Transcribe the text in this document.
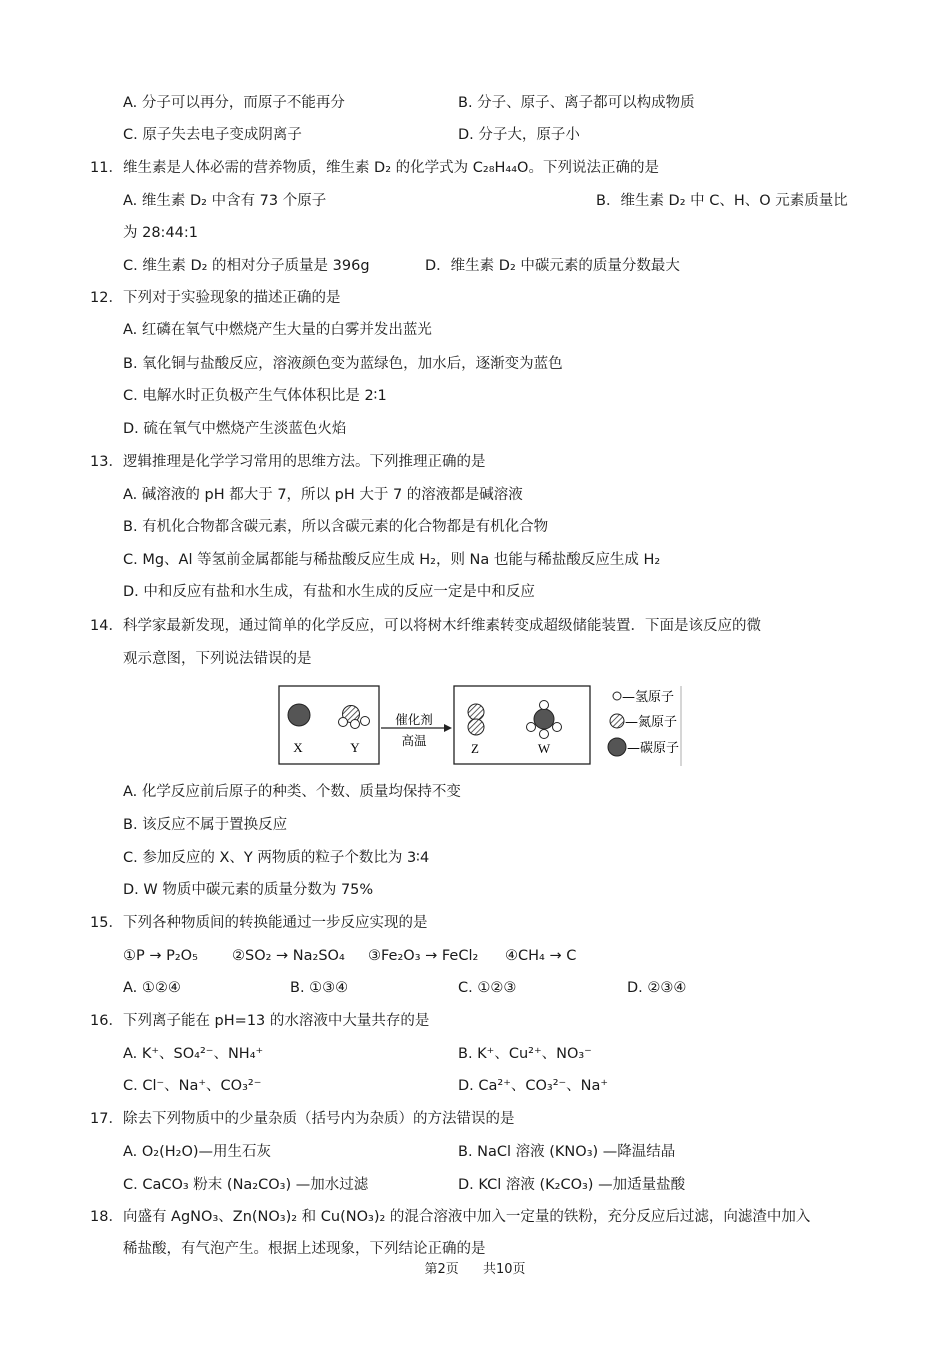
A. 分子可以再分，而原子不能再分	B. 分子、原子、离子都可以构成物质
C. 原子失去电子变成阴离子	D. 分子大，原子小
11．维生素是人体必需的营养物质，维生素 D₂ 的化学式为 C₂₈H₄₄O。下列说法正确的是
A. 维生素 D₂ 中含有 73 个原子	B．维生素 D₂ 中 C、H、O 元素质量比
为 28:44:1
C. 维生素 D₂ 的相对分子质量是 396g	D．维生素 D₂ 中碳元素的质量分数最大
12．下列对于实验现象的描述正确的是
A. 红磷在氧气中燃烧产生大量的白雾并发出蓝光
B. 氧化铜与盐酸反应，溶液颜色变为蓝绿色，加水后，逐渐变为蓝色
C. 电解水时正负极产生气体体积比是 2∶1
D. 硫在氧气中燃烧产生淡蓝色火焰
13．逻辑推理是化学学习常用的思维方法。下列推理正确的是
A. 碱溶液的 pH 都大于 7，所以 pH 大于 7 的溶液都是碱溶液
B. 有机化合物都含碳元素，所以含碳元素的化合物都是有机化合物
C. Mg、Al 等氢前金属都能与稀盐酸反应生成 H₂，则 Na 也能与稀盐酸反应生成 H₂
D. 中和反应有盐和水生成，有盐和水生成的反应一定是中和反应
14．科学家最新发现，通过简单的化学反应，可以将树木纤维素转变成超级储能装置．下面是该反应的微
观示意图，下列说法错误的是
X	Y
催化剂
高温
Z	W
—氢原子
—氮原子
—碳原子
A. 化学反应前后原子的种类、个数、质量均保持不变
B. 该反应不属于置换反应
C. 参加反应的 X、Y 两物质的粒子个数比为 3∶4
D. W 物质中碳元素的质量分数为 75%
15．下列各种物质间的转换能通过一步反应实现的是
①P → P₂O₅ ②SO₂ → Na₂SO₄ ③Fe₂O₃ → FeCl₂ ④CH₄ → C
A. ①②④	B. ①③④	C. ①②③	D. ②③④
16．下列离子能在 pH=13 的水溶液中大量共存的是
A. K⁺、SO₄²⁻、NH₄⁺	B. K⁺、Cu²⁺、NO₃⁻
C. Cl⁻、Na⁺、CO₃²⁻	D. Ca²⁺、CO₃²⁻、Na⁺
17．除去下列物质中的少量杂质（括号内为杂质）的方法错误的是
A. O₂(H₂O)—用生石灰	B. NaCl 溶液 (KNO₃) —降温结晶
C. CaCO₃ 粉末 (Na₂CO₃) —加水过滤	D. KCl 溶液 (K₂CO₃) —加适量盐酸
18．向盛有 AgNO₃、Zn(NO₃)₂ 和 Cu(NO₃)₂ 的混合溶液中加入一定量的铁粉，充分反应后过滤，向滤渣中加入
稀盐酸，有气泡产生。根据上述现象，下列结论正确的是
第2页 共10页
